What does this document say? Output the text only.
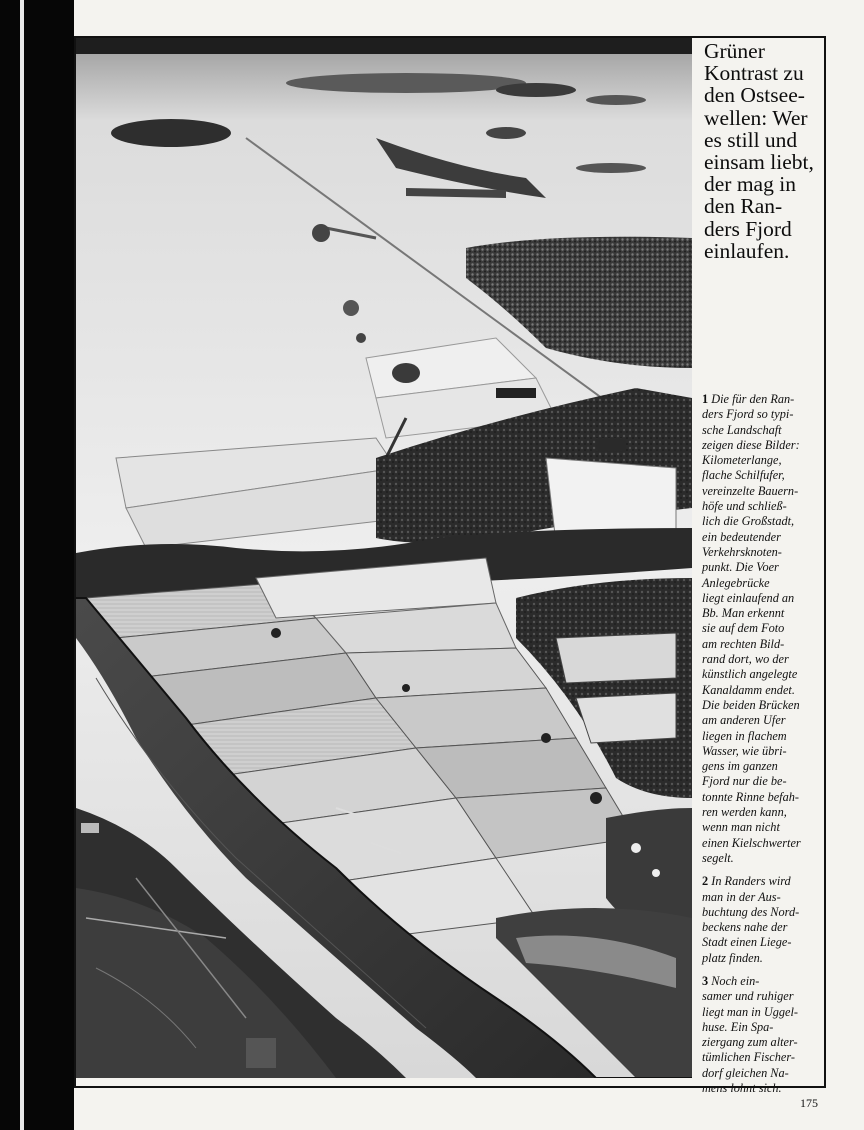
Grüner
Kontrast zu
den Ostsee-
wellen: Wer
es still und
einsam liebt,
der mag in
den Ran-
ders Fjord
einlaufen.
1 Die für den Ran-
ders Fjord so typi-
sche Landschaft
zeigen diese Bilder:
Kilometerlange,
flache Schilfufer,
vereinzelte Bauern-
höfe und schließ-
lich die Großstadt,
ein bedeutender
Verkehrsknoten-
punkt. Die Voer
Anlegebrücke
liegt einlaufend an
Bb. Man erkennt
sie auf dem Foto
am rechten Bild-
rand dort, wo der
künstlich angelegte
Kanaldamm endet.
Die beiden Brücken
am anderen Ufer
liegen in flachem
Wasser, wie übri-
gens im ganzen
Fjord nur die be-
tonnte Rinne befah-
ren werden kann,
wenn man nicht
einen Kielschwerter
segelt.
2 In Randers wird
man in der Aus-
buchtung des Nord-
beckens nahe der
Stadt einen Liege-
platz finden.
3 Noch ein-
samer und ruhiger
liegt man in Uggel-
huse. Ein Spa-
ziergang zum alter-
tümlichen Fischer-
dorf gleichen Na-
mens lohnt sich.
175
